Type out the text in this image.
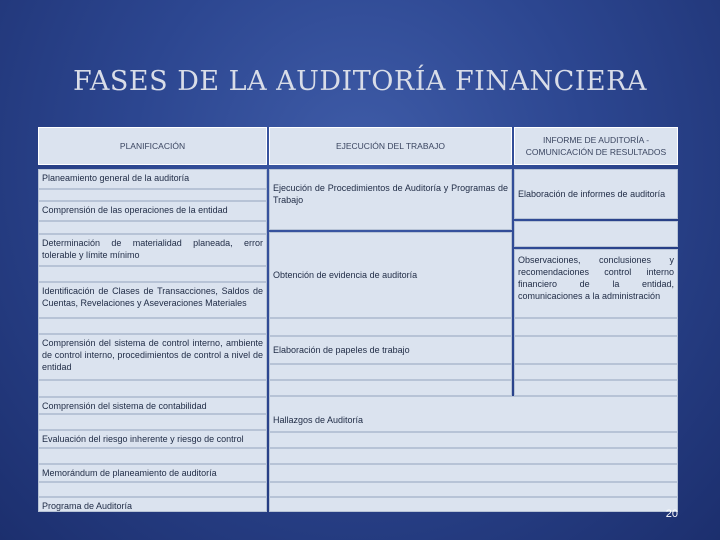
FASES DE LA AUDITORÍA FINANCIERA
PLANIFICACIÓN	EJECUCIÓN DEL TRABAJO
INFORME DE AUDITORÍA - COMUNICACIÓN DE RESULTADOS
Planeamiento general de la auditoría
Comprensión de las operaciones de la entidad
Determinación de materialidad planeada, error tolerable y límite mínimo
Identificación de Clases de Transacciones, Saldos de Cuentas, Revelaciones y Aseveraciones Materiales
Comprensión del sistema de control interno, ambiente de control interno, procedimientos de control a nivel de entidad
Comprensión del sistema de contabilidad
Evaluación del riesgo inherente y riesgo de control
Memorándum de planeamiento de auditoría
Programa de Auditoría
Ejecución de Procedimientos de Auditoría y Programas de Trabajo
Obtención de evidencia de auditoría
Elaboración de papeles de trabajo
Hallazgos de Auditoría
Elaboración de informes de auditoría
Observaciones, conclusiones y recomendaciones control interno financiero de la entidad, comunicaciones a la administración
20
